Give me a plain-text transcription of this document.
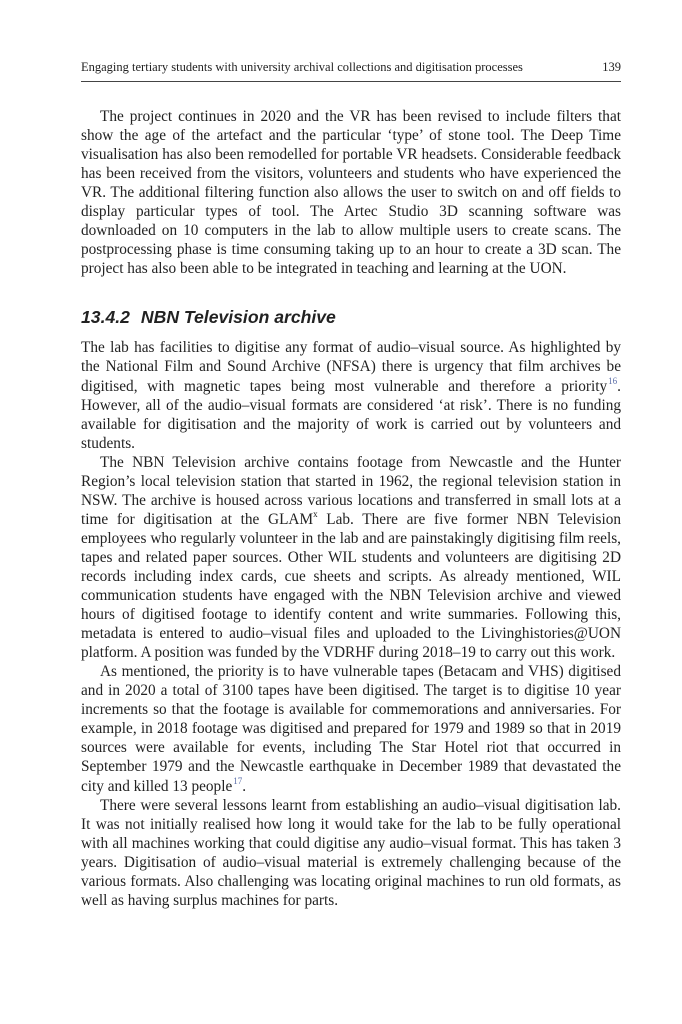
Engaging tertiary students with university archival collections and digitisation processes	139

The project continues in 2020 and the VR has been revised to include filters that show the age of the artefact and the particular ‘type’ of stone tool. The Deep Time visualisation has also been remodelled for portable VR headsets. Considerable feedback has been received from the visitors, volunteers and students who have experienced the VR. The additional filtering function also allows the user to switch on and off fields to display particular types of tool. The Artec Studio 3D scanning software was downloaded on 10 computers in the lab to allow multiple users to create scans. The postprocessing phase is time consuming taking up to an hour to create a 3D scan. The project has also been able to be integrated in teaching and learning at the UON.

13.4.2 NBN Television archive

The lab has facilities to digitise any format of audio–visual source. As highlighted by the National Film and Sound Archive (NFSA) there is urgency that film archives be digitised, with magnetic tapes being most vulnerable and therefore a priority$^{16}$. However, all of the audio–visual formats are considered ‘at risk’. There is no funding available for digitisation and the majority of work is carried out by volunteers and students.

The NBN Television archive contains footage from Newcastle and the Hunter Region’s local television station that started in 1962, the regional television station in NSW. The archive is housed across various locations and transferred in small lots at a time for digitisation at the GLAM$^x$ Lab. There are five former NBN Television employees who regularly volunteer in the lab and are painstakingly digitising film reels, tapes and related paper sources. Other WIL students and volunteers are digitising 2D records including index cards, cue sheets and scripts. As already mentioned, WIL communication students have engaged with the NBN Television archive and viewed hours of digitised footage to identify content and write summaries. Following this, metadata is entered to audio–visual files and uploaded to the Livinghistories@UON platform. A position was funded by the VDRHF during 2018–19 to carry out this work.

As mentioned, the priority is to have vulnerable tapes (Betacam and VHS) digitised and in 2020 a total of 3100 tapes have been digitised. The target is to digitise 10 year increments so that the footage is available for commemorations and anniversaries. For example, in 2018 footage was digitised and prepared for 1979 and 1989 so that in 2019 sources were available for events, including The Star Hotel riot that occurred in September 1979 and the Newcastle earthquake in December 1989 that devastated the city and killed 13 people$^{17}$.

There were several lessons learnt from establishing an audio–visual digitisation lab. It was not initially realised how long it would take for the lab to be fully operational with all machines working that could digitise any audio–visual format. This has taken 3 years. Digitisation of audio–visual material is extremely challenging because of the various formats. Also challenging was locating original machines to run old formats, as well as having surplus machines for parts.
